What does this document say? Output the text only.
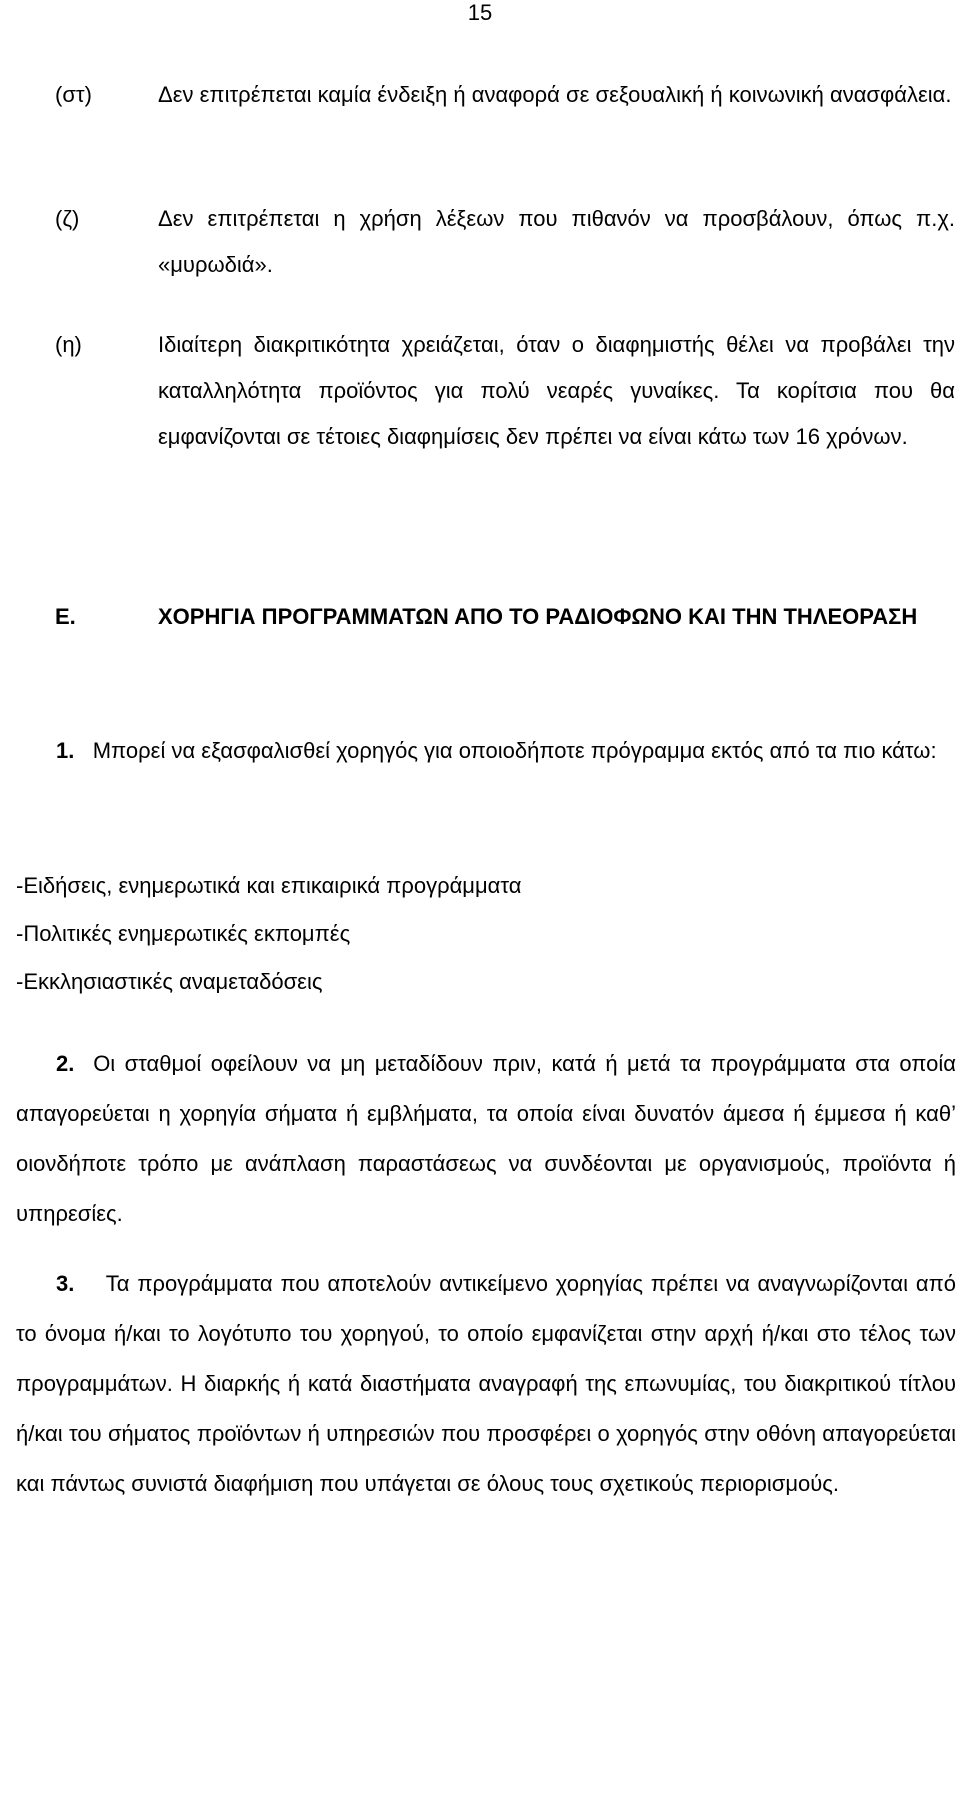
15
(στ)	Δεν επιτρέπεται καμία ένδειξη ή αναφορά σε σεξουαλική ή κοινωνική ανασφάλεια.
(ζ)	Δεν επιτρέπεται η χρήση λέξεων που πιθανόν να προσβάλουν, όπως π.χ. «μυρωδιά».
(η)	Ιδιαίτερη διακριτικότητα χρειάζεται, όταν ο διαφημιστής θέλει να προβάλει την καταλληλότητα προϊόντος για πολύ νεαρές γυναίκες. Τα κορίτσια που θα εμφανίζονται σε τέτοιες διαφημίσεις δεν πρέπει να είναι κάτω των 16 χρόνων.
Ε.	ΧΟΡΗΓΙΑ ΠΡΟΓΡΑΜΜΑΤΩΝ ΑΠΟ ΤΟ ΡΑΔΙΟΦΩΝΟ ΚΑΙ ΤΗΝ ΤΗΛΕΟΡΑΣΗ
1. Μπορεί να εξασφαλισθεί χορηγός για οποιοδήποτε πρόγραμμα εκτός από τα πιο κάτω:
-Ειδήσεις, ενημερωτικά και επικαιρικά προγράμματα
-Πολιτικές ενημερωτικές εκπομπές
-Εκκλησιαστικές αναμεταδόσεις
2. Οι σταθμοί οφείλουν να μη μεταδίδουν πριν, κατά ή μετά τα προγράμματα στα οποία απαγορεύεται η χορηγία σήματα ή εμβλήματα, τα οποία είναι δυνατόν άμεσα ή έμμεσα ή καθ’ οιονδήποτε τρόπο με ανάπλαση παραστάσεως να συνδέονται με οργανισμούς, προϊόντα ή υπηρεσίες.
3. Τα προγράμματα που αποτελούν αντικείμενο χορηγίας πρέπει να αναγνωρίζονται από το όνομα ή/και το λογότυπο του χορηγού, το οποίο εμφανίζεται στην αρχή ή/και στο τέλος των προγραμμάτων. Η διαρκής ή κατά διαστήματα αναγραφή της επωνυμίας, του διακριτικού τίτλου ή/και του σήματος προϊόντων ή υπηρεσιών που προσφέρει ο χορηγός στην οθόνη απαγορεύεται και πάντως συνιστά διαφήμιση που υπάγεται σε όλους τους σχετικούς περιορισμούς.
